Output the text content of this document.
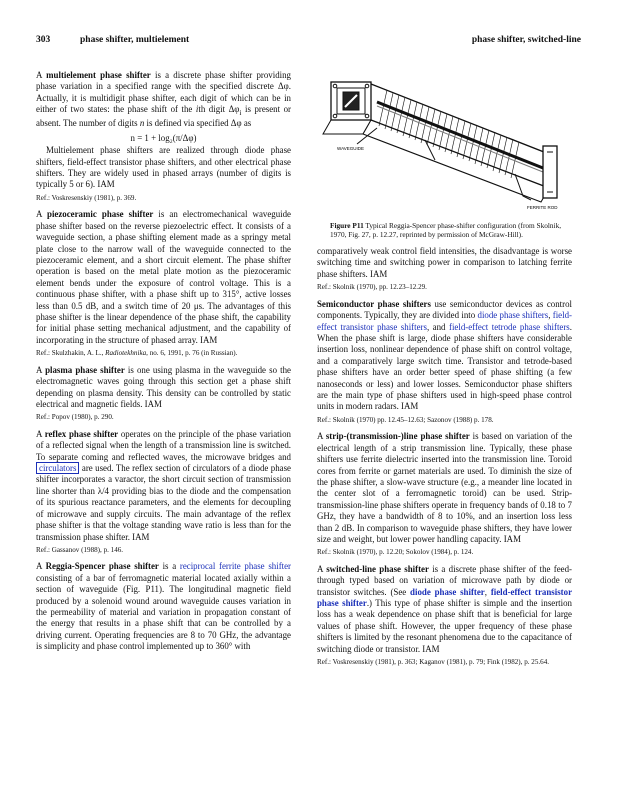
303	phase shifter, multielement	phase shifter, switched-line

A multielement phase shifter is a discrete phase shifter providing phase variation in a specified range with the specified discrete Δφ. Actually, it is multidigit phase shifter, each digit of which can be in either of two states: the phase shift of the ith digit $\Delta\varphi_i$ is present or absent. The number of digits n is defined via specified Δφ as

n = 1 + log₂(π/Δφ)

Multielement phase shifters are realized through diode phase shifters, field-effect transistor phase shifters, and other electrical phase shifters. They are widely used in phased arrays (number of digits is typically 5 or 6). IAM

Ref.: Voskresenskiy (1981), p. 369.

A piezoceramic phase shifter is an electromechanical waveguide phase shifter based on the reverse piezoelectric effect. It consists of a waveguide section, a phase shifting element made as a springy metal plate close to the narrow wall of the waveguide connected to the piezoceramic element, and a short circuit element. The phase shifter operation is based on the metal plate motion as the piezoceramic element bends under the exposure of control voltage. This is a continuous phase shifter, with a phase shift up to 315°, active losses less than 0.5 dB, and a switch time of 20 μs. The advantages of this phase shifter is the linear dependence of the phase shift, the capability for initial phase setting mechanical adjustment, and the capability of incorporating in the structure of phased array. IAM

Ref.: Skulzhakin, A. L., Radiotekhnika, no. 6, 1991, p. 76 (in Russian).

A plasma phase shifter is one using plasma in the waveguide so the electromagnetic waves going through this section get a phase shift depending on plasma density. This density can be controlled by static electrical and magnetic fields. IAM

Ref.: Popov (1980), p. 290.

A reflex phase shifter operates on the principle of the phase variation of a reflected signal when the length of a transmission line is switched. To separate coming and reflected waves, the microwave bridges and circulators are used. The reflex section of circulators of a diode phase shifter incorporates a varactor, the short circuit section of transmission line shorter than λ/4 providing bias to the diode and the compensation of its spurious reactance parameters, and the elements for decoupling of microwave and supply circuits. The main advantage of the reflex phase shifter is that the voltage standing wave ratio is less than for the transmission phase shifter. IAM

Ref.: Gassanov (1988), p. 146.

A Reggia-Spencer phase shifter is a reciprocal ferrite phase shifter consisting of a bar of ferromagnetic material located axially within a section of waveguide (Fig. P11). The longitudinal magnetic field produced by a solenoid wound around waveguide causes variation in the permeability of material and variation in propagation constant of the energy that results in a phase shift that can be controlled by a driving current. Operating frequencies are 8 to 70 GHz, the advantage is simplicity and phase control implemented up to 360° with

WAVEGUIDE
FERRITE ROD
Figure P11 Typical Reggia-Spencer phase-shifter configuration (from Skolnik, 1970, Fig. 27, p. 12.27, reprinted by permission of McGraw-Hill).

comparatively weak control field intensities, the disadvantage is worse switching time and switching power in comparison to latching ferrite phase shifters. IAM

Ref.: Skolnik (1970), pp. 12.23–12.29.

Semiconductor phase shifters use semiconductor devices as control components. Typically, they are divided into diode phase shifters, field-effect transistor phase shifters, and field-effect tetrode phase shifters. When the phase shift is large, diode phase shifters have considerable insertion loss, nonlinear dependence of phase shift on control voltage, and a comparatively large switch time. Transistor and tetrode-based phase shifters have an order better speed of phase shifting (a few nanoseconds or less) and lower losses. Semiconductor phase shifters are the main type of phase shifters used in high-speed phase control units in modern radars. IAM

Ref.: Skolnik (1970) pp. 12.45–12.63; Sazonov (1988) p. 178.

A strip-(transmission-)line phase shifter is based on variation of the electrical length of a strip transmission line. Typically, these phase shifters use ferrite dielectric inserted into the transmission line. Toroid cores from ferrite or garnet materials are used. To diminish the size of the phase shifter, a slow-wave structure (e.g., a meander line located in the center slot of a ferromagnetic toroid) can be used. Strip-transmission-line phase shifters operate in frequency bands of 0.18 to 7 GHz, they have a bandwidth of 8 to 10%, and an insertion loss less than 2 dB. In comparison to waveguide phase shifters, they have lower size and weight, but lower power handling capacity. IAM

Ref.: Skolnik (1970), p. 12.20; Sokolov (1984), p. 124.

A switched-line phase shifter is a discrete phase shifter of the feed-through typed based on variation of microwave path by diode or transistor switches. (See diode phase shifter, field-effect transistor phase shifter.) This type of phase shifter is simple and the insertion loss has a weak dependence on phase shift that is beneficial for large values of phase shift. However, the upper frequency of these phase shifters is limited by the resonant phenomena due to the capacitance of switching diode or transistor. IAM

Ref.: Voskresenskiy (1981), p. 363; Kaganov (1981), p. 79; Fink (1982), p. 25.64.
